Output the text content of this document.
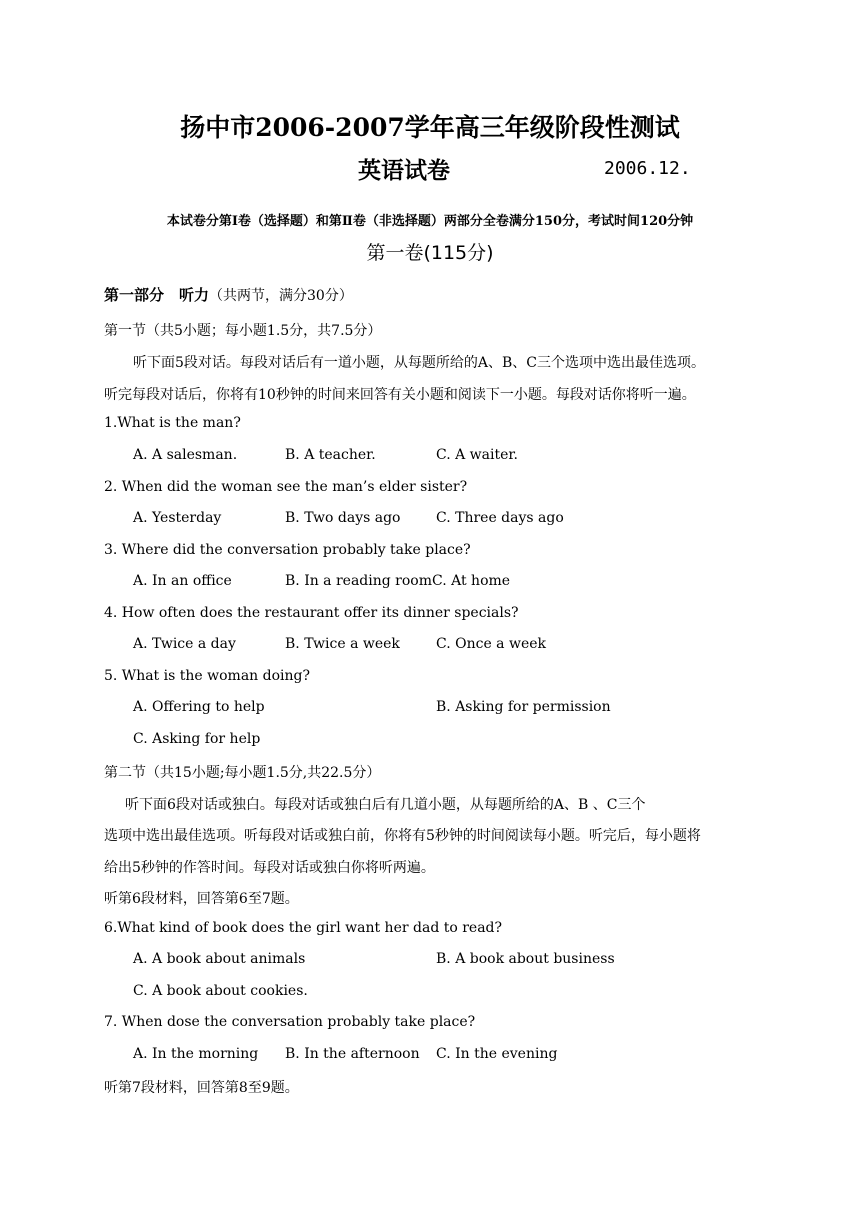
扬中市2006-2007学年高三年级阶段性测试
英语试卷	2006.12.
本试卷分第Ⅰ卷（选择题）和第Ⅱ卷（非选择题）两部分全卷满分150分，考试时间120分钟
第一卷(115分)
第一部分　听力（共两节，满分30分）
第一节（共5小题；每小题1.5分，共7.5分）
听下面5段对话。每段对话后有一道小题，从每题所给的A、B、C三个选项中选出最佳选项。
听完每段对话后，你将有10秒钟的时间来回答有关小题和阅读下一小题。每段对话你将听一遍。
1.What is the man?
A. A salesman.	B. A teacher.	C. A waiter.
2. When did the woman see the man’s elder sister?
A. Yesterday	B. Two days ago	C. Three days ago
3. Where did the conversation probably take place?
A. In an office	B. In a reading room C. At home
4. How often does the restaurant offer its dinner specials?
A. Twice a day	B. Twice a week	C. Once a week
5. What is the woman doing?
A. Offering to help	B. Asking for permission
C. Asking for help
第二节（共15小题;每小题1.5分,共22.5分）
听下面6段对话或独白。每段对话或独白后有几道小题，从每题所给的A、B 、C三个
选项中选出最佳选项。听每段对话或独白前，你将有5秒钟的时间阅读每小题。听完后，每小题将
给出5秒钟的作答时间。每段对话或独白你将听两遍。
听第6段材料，回答第6至7题。
6.What kind of book does the girl want her dad to read?
A. A book about animals	B. A book about business
C. A book about cookies.
7. When dose the conversation probably take place?
A. In the morning B. In the afternoon C. In the evening
听第7段材料，回答第8至9题。
